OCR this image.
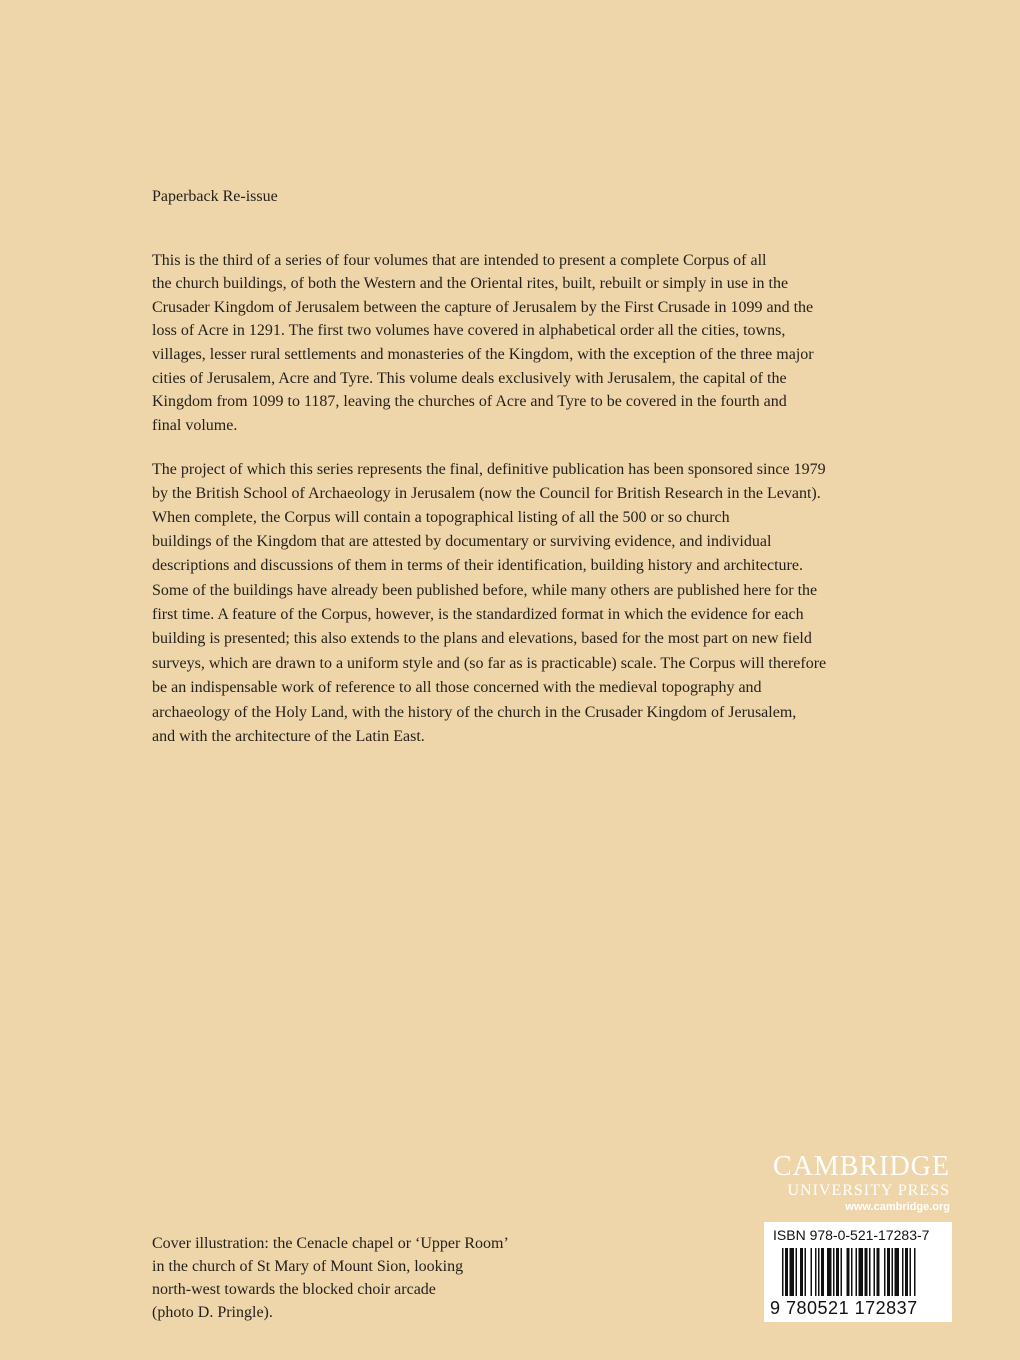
Paperback Re-issue

This is the third of a series of four volumes that are intended to present a complete Corpus of all

the church buildings, of both the Western and the Oriental rites, built, rebuilt or simply in use in the

Crusader Kingdom of Jerusalem between the capture of Jerusalem by the First Crusade in 1099 and the

loss of Acre in 1291. The first two volumes have covered in alphabetical order all the cities, towns,

villages, lesser rural settlements and monasteries of the Kingdom, with the exception of the three major

cities of Jerusalem, Acre and Tyre. This volume deals exclusively with Jerusalem, the capital of the

Kingdom from 1099 to 1187, leaving the churches of Acre and Tyre to be covered in the fourth and

final volume.

The project of which this series represents the final, definitive publication has been sponsored since 1979

by the British School of Archaeology in Jerusalem (now the Council for British Research in the Levant).

When complete, the Corpus will contain a topographical listing of all the 500 or so church

buildings of the Kingdom that are attested by documentary or surviving evidence, and individual

descriptions and discussions of them in terms of their identification, building history and architecture.

Some of the buildings have already been published before, while many others are published here for the

first time. A feature of the Corpus, however, is the standardized format in which the evidence for each

building is presented; this also extends to the plans and elevations, based for the most part on new field

surveys, which are drawn to a uniform style and (so far as is practicable) scale. The Corpus will therefore

be an indispensable work of reference to all those concerned with the medieval topography and

archaeology of the Holy Land, with the history of the church in the Crusader Kingdom of Jerusalem,

and with the architecture of the Latin East.

Cover illustration: the Cenacle chapel or ‘Upper Room’

in the church of St Mary of Mount Sion, looking

north-west towards the blocked choir arcade

(photo D. Pringle).

CAMBRIDGE
UNIVERSITY PRESS
www.cambridge.org
ISBN 978-0-521-17283-7
9 780521 172837
